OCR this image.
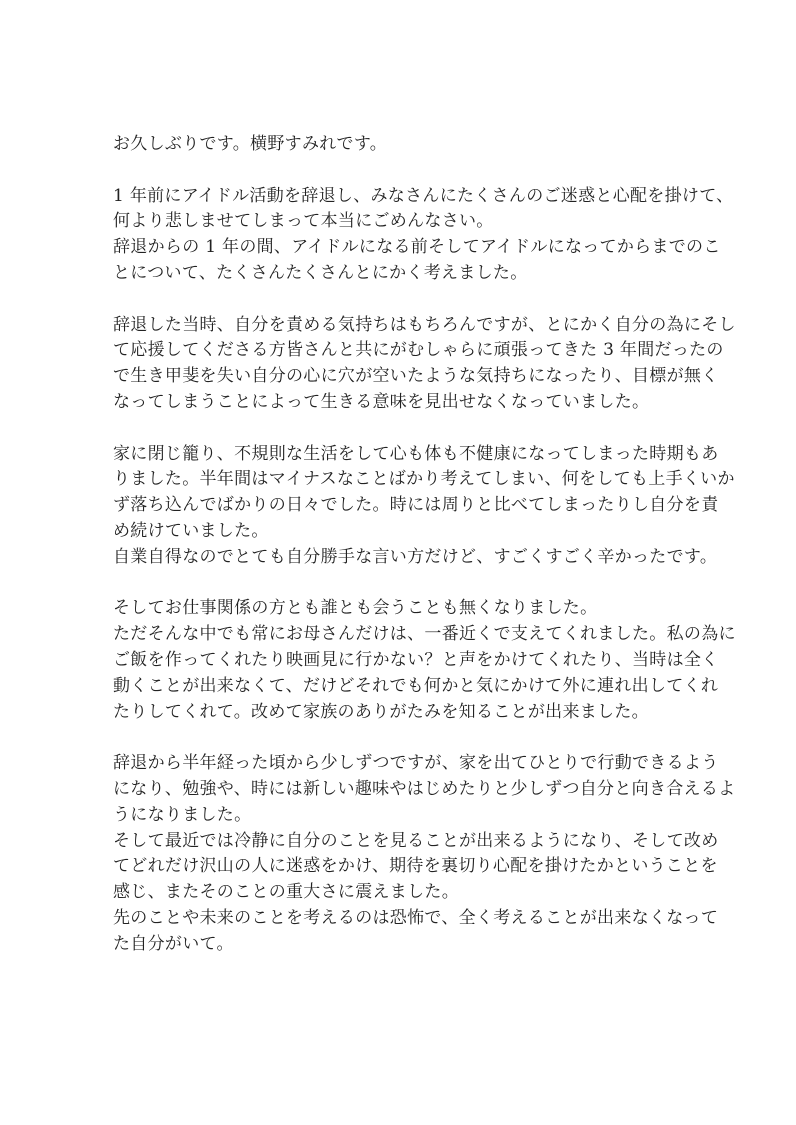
お久しぶりです。横野すみれです。
1 年前にアイドル活動を辞退し、みなさんにたくさんのご迷惑と心配を掛けて、
何より悲しませてしまって本当にごめんなさい。
辞退からの 1 年の間、アイドルになる前そしてアイドルになってからまでのこ
とについて、たくさんたくさんとにかく考えました。
辞退した当時、自分を責める気持ちはもちろんですが、とにかく自分の為にそし
て応援してくださる方皆さんと共にがむしゃらに頑張ってきた 3 年間だったの
で生き甲斐を失い自分の心に穴が空いたような気持ちになったり、目標が無く
なってしまうことによって生きる意味を見出せなくなっていました。
家に閉じ籠り、不規則な生活をして心も体も不健康になってしまった時期もあ
りました。半年間はマイナスなことばかり考えてしまい、何をしても上手くいか
ず落ち込んでばかりの日々でした。時には周りと比べてしまったりし自分を責
め続けていました。
自業自得なのでとても自分勝手な言い方だけど、すごくすごく辛かったです。
そしてお仕事関係の方とも誰とも会うことも無くなりました。
ただそんな中でも常にお母さんだけは、一番近くで支えてくれました。私の為に
ご飯を作ってくれたり映画見に行かない？と声をかけてくれたり、当時は全く
動くことが出来なくて、だけどそれでも何かと気にかけて外に連れ出してくれ
たりしてくれて。改めて家族のありがたみを知ることが出来ました。
辞退から半年経った頃から少しずつですが、家を出てひとりで行動できるよう
になり、勉強や、時には新しい趣味やはじめたりと少しずつ自分と向き合えるよ
うになりました。
そして最近では冷静に自分のことを見ることが出来るようになり、そして改め
てどれだけ沢山の人に迷惑をかけ、期待を裏切り心配を掛けたかということを
感じ、またそのことの重大さに震えました。
先のことや未来のことを考えるのは恐怖で、全く考えることが出来なくなって
た自分がいて。
